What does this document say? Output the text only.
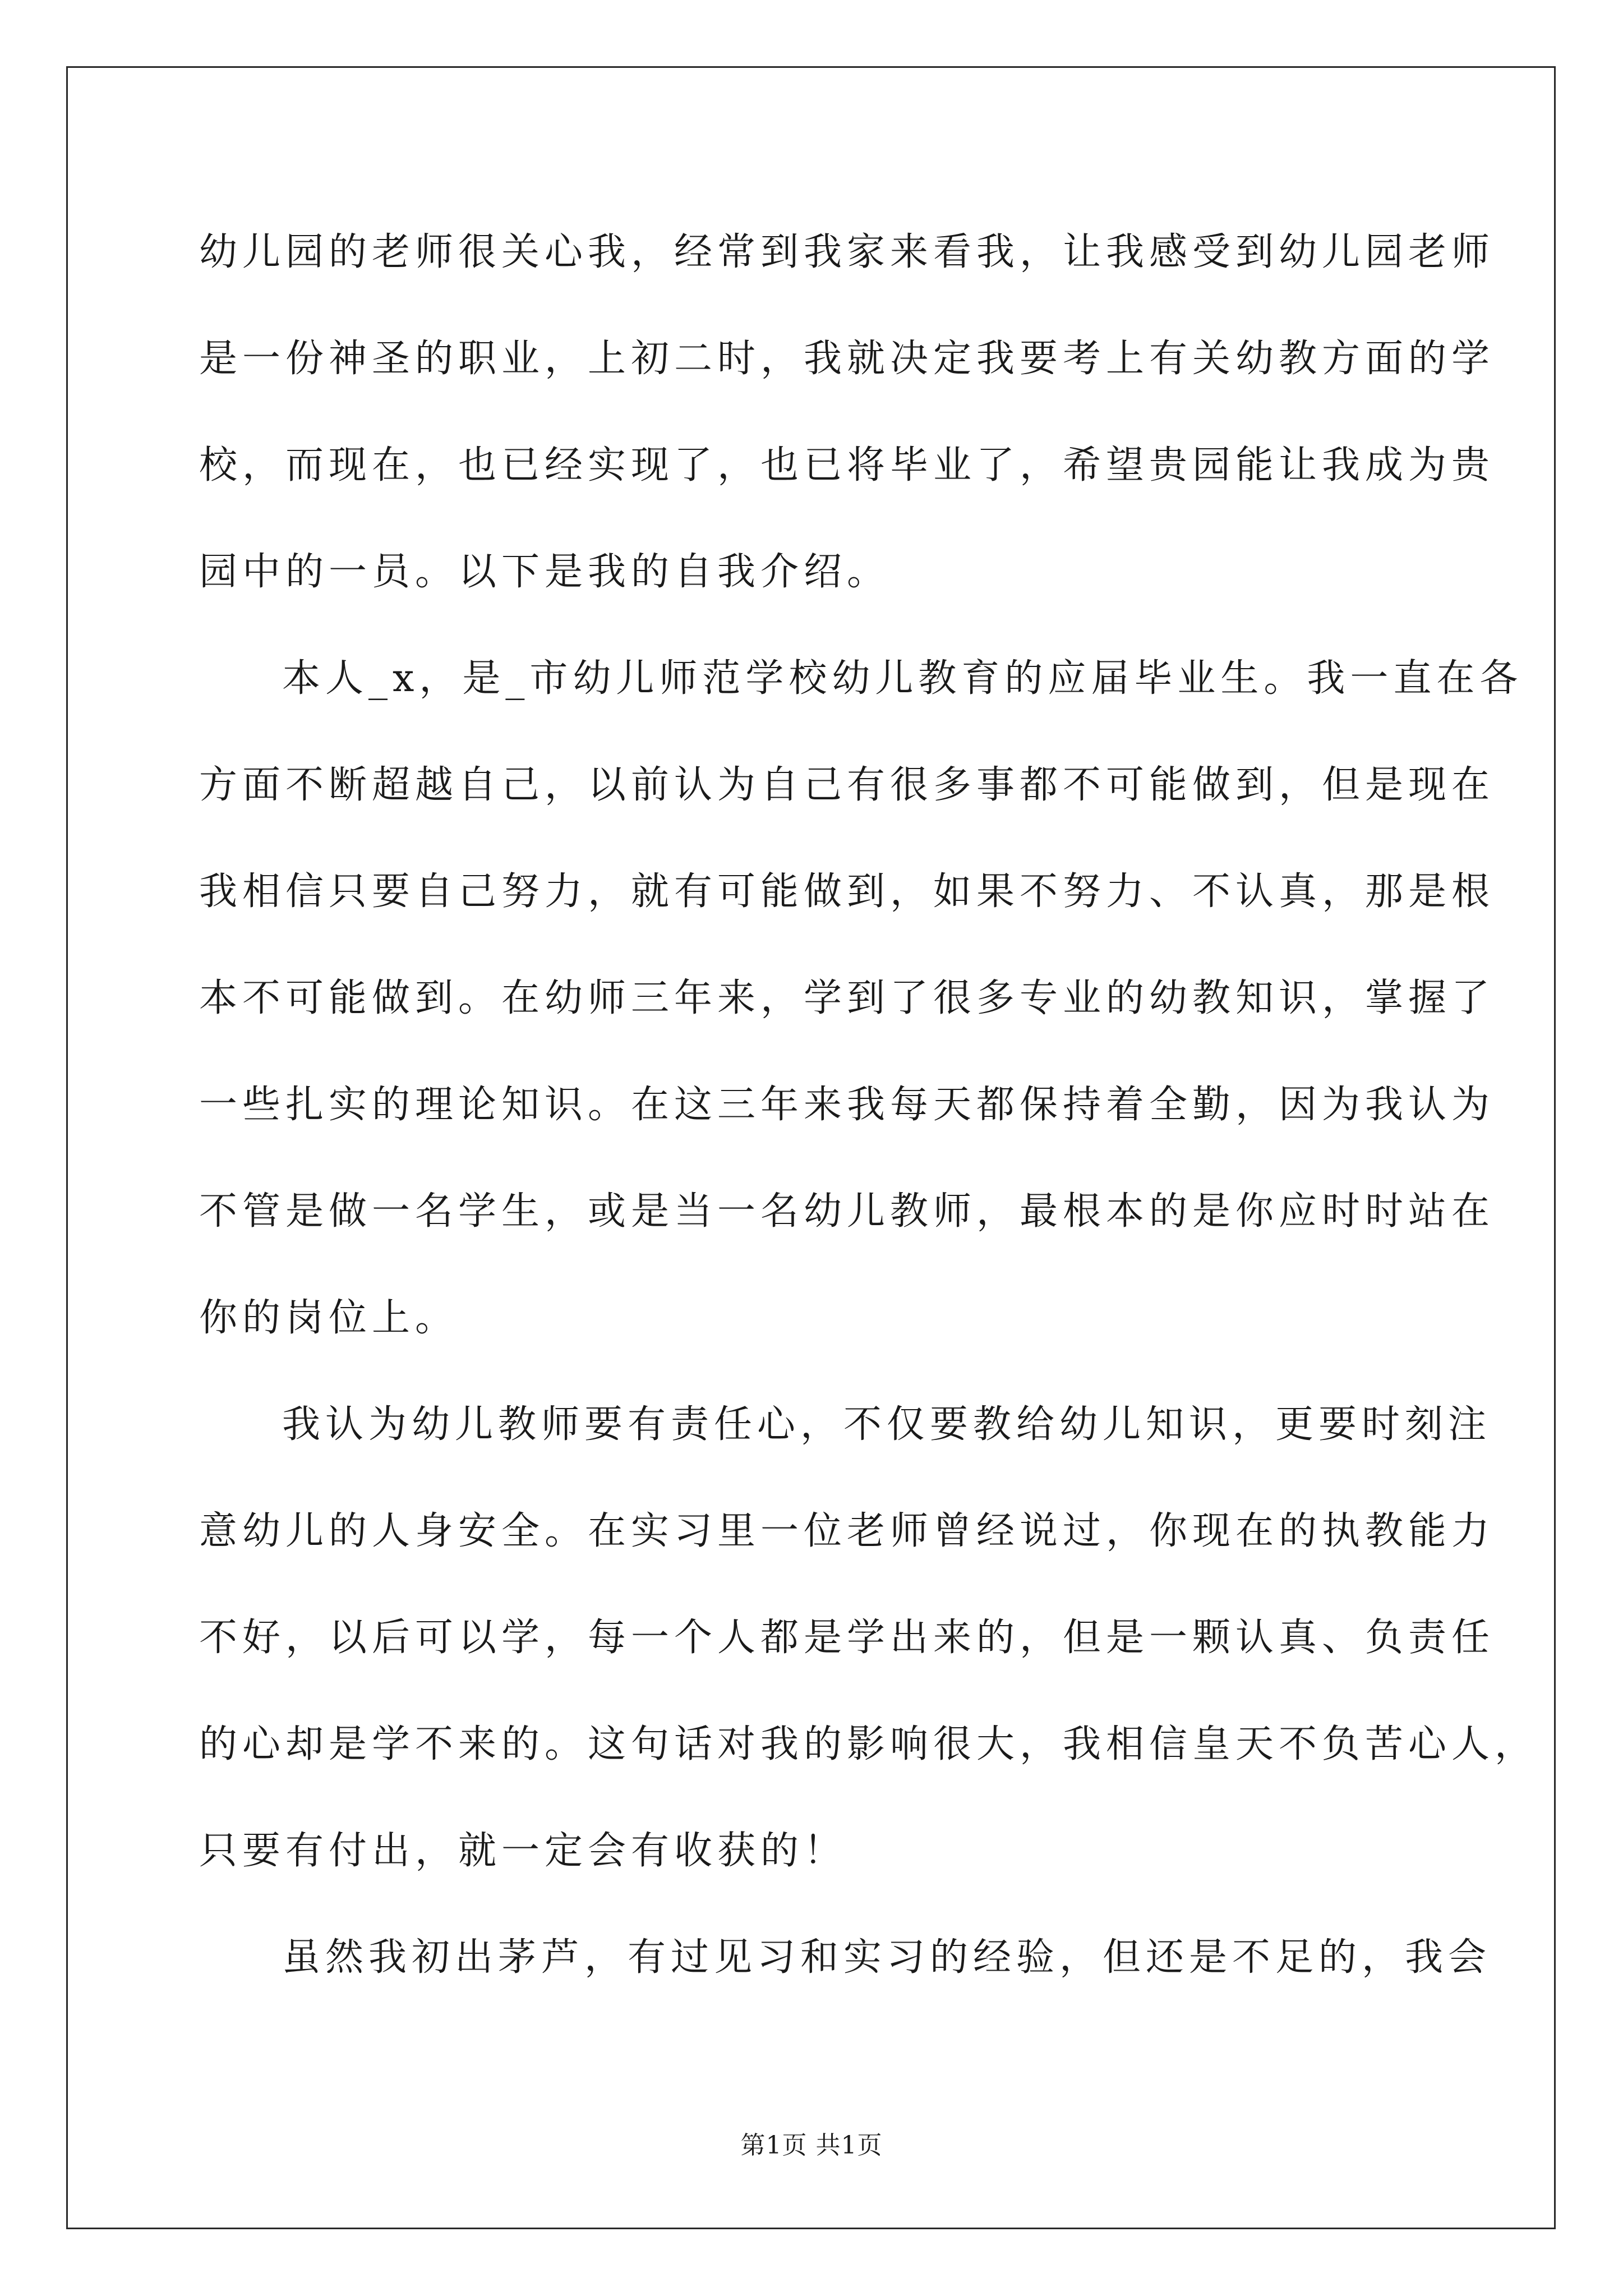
幼儿园的老师很关心我，经常到我家来看我，让我感受到幼儿园老师
是一份神圣的职业，上初二时，我就决定我要考上有关幼教方面的学
校，而现在，也已经实现了，也已将毕业了，希望贵园能让我成为贵
园中的一员。以下是我的自我介绍。
本人_x，是_市幼儿师范学校幼儿教育的应届毕业生。我一直在各
方面不断超越自己，以前认为自己有很多事都不可能做到，但是现在
我相信只要自己努力，就有可能做到，如果不努力、不认真，那是根
本不可能做到。在幼师三年来，学到了很多专业的幼教知识，掌握了
一些扎实的理论知识。在这三年来我每天都保持着全勤，因为我认为
不管是做一名学生，或是当一名幼儿教师，最根本的是你应时时站在
你的岗位上。
我认为幼儿教师要有责任心，不仅要教给幼儿知识，更要时刻注
意幼儿的人身安全。在实习里一位老师曾经说过，你现在的执教能力
不好，以后可以学，每一个人都是学出来的，但是一颗认真、负责任
的心却是学不来的。这句话对我的影响很大，我相信皇天不负苦心人，
只要有付出，就一定会有收获的！
虽然我初出茅芦，有过见习和实习的经验，但还是不足的，我会
第1页 共1页
